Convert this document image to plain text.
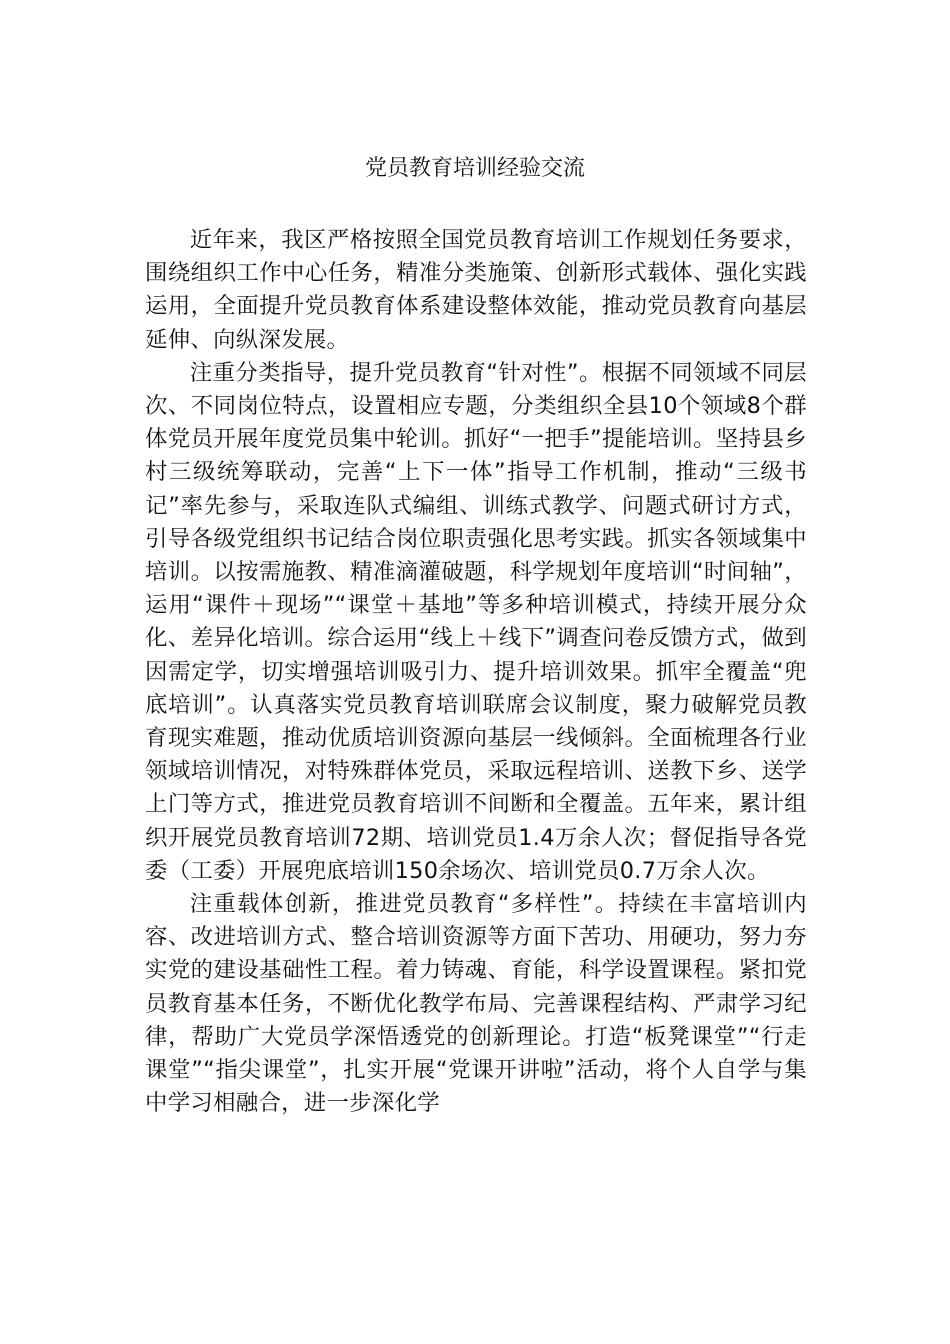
党员教育培训经验交流

近年来，我区严格按照全国党员教育培训工作规划任务要求，围绕组织工作中心任务，精准分类施策、创新形式载体、强化实践运用，全面提升党员教育体系建设整体效能，推动党员教育向基层延伸、向纵深发展。

注重分类指导，提升党员教育“针对性”。根据不同领域不同层次、不同岗位特点，设置相应专题，分类组织全县10个领域8个群体党员开展年度党员集中轮训。抓好“一把手”提能培训。坚持县乡村三级统筹联动，完善“上下一体”指导工作机制，推动“三级书记”率先参与，采取连队式编组、训练式教学、问题式研讨方式，引导各级党组织书记结合岗位职责强化思考实践。抓实各领域集中培训。以按需施教、精准滴灌破题，科学规划年度培训“时间轴”，运用“课件＋现场”“课堂＋基地”等多种培训模式，持续开展分众化、差异化培训。综合运用“线上＋线下”调查问卷反馈方式，做到因需定学，切实增强培训吸引力、提升培训效果。抓牢全覆盖“兜底培训”。认真落实党员教育培训联席会议制度，聚力破解党员教育现实难题，推动优质培训资源向基层一线倾斜。全面梳理各行业领域培训情况，对特殊群体党员，采取远程培训、送教下乡、送学上门等方式，推进党员教育培训不间断和全覆盖。五年来，累计组织开展党员教育培训72期、培训党员1.4万余人次；督促指导各党委（工委）开展兜底培训150余场次、培训党员0.7万余人次。

注重载体创新，推进党员教育“多样性”。持续在丰富培训内容、改进培训方式、整合培训资源等方面下苦功、用硬功，努力夯实党的建设基础性工程。着力铸魂、育能，科学设置课程。紧扣党员教育基本任务，不断优化教学布局、完善课程结构、严肃学习纪律，帮助广大党员学深悟透党的创新理论。打造“板凳课堂”“行走课堂”“指尖课堂”，扎实开展“党课开讲啦”活动，将个人自学与集中学习相融合，进一步深化学
